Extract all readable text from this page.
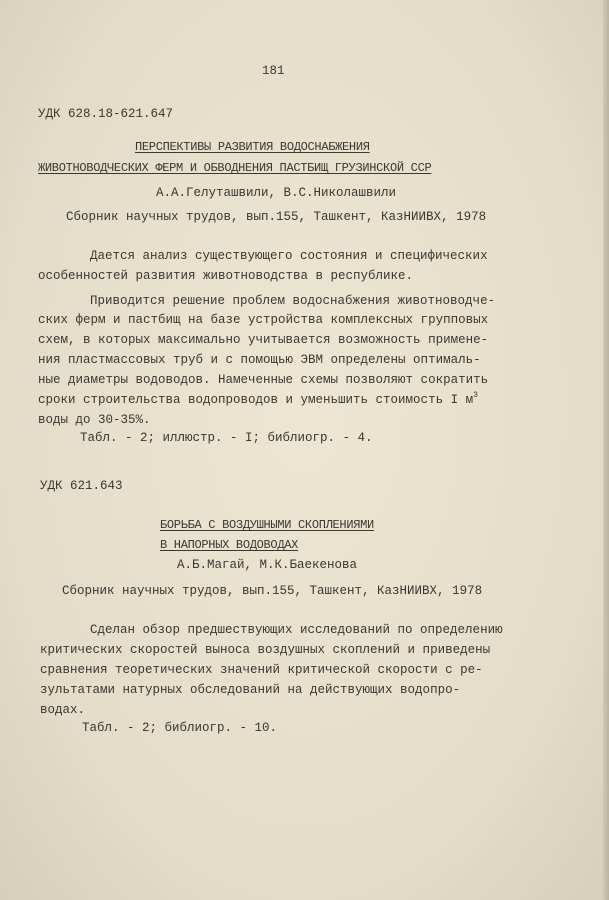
181
УДК 628.18-621.647
ПЕРСПЕКТИВЫ РАЗВИТИЯ ВОДОСНАБЖЕНИЯ
ЖИВОТНОВОДЧЕСКИХ ФЕРМ И ОБВОДНЕНИЯ ПАСТБИЩ ГРУЗИНСКОЙ ССР
А.А.Гелуташвили, В.С.Николашвили
Сборник научных трудов, вып.155, Ташкент, КазНИИВХ, 1978
Дается анализ существующего состояния и специфических
особенностей развития животноводства в республике.
Приводится решение проблем водоснабжения животноводче-
ских ферм и пастбищ на базе устройства комплексных групповых
схем, в которых максимально учитывается возможность примене-
ния пластмассовых труб и с помощью ЭВМ определены оптималь-
ные диаметры водоводов. Намеченные схемы позволяют сократить
сроки строительства водопроводов и уменьшить стоимость I $м^3$
воды до 30-35%.
Табл. - 2; иллюстр. - I; библиогр. - 4.
УДК 621.643
БОРЬБА С ВОЗДУШНЫМИ СКОПЛЕНИЯМИ
В НАПОРНЫХ ВОДОВОДАХ
А.Б.Магай, М.К.Баекенова
Сборник научных трудов, вып.155, Ташкент, КазНИИВХ, 1978
Сделан обзор предшествующих исследований по определению
критических скоростей выноса воздушных скоплений и приведены
сравнения теоретических значений критической скорости с ре-
зультатами натурных обследований на действующих водопро-
водах.
Табл. - 2; библиогр. - 10.
